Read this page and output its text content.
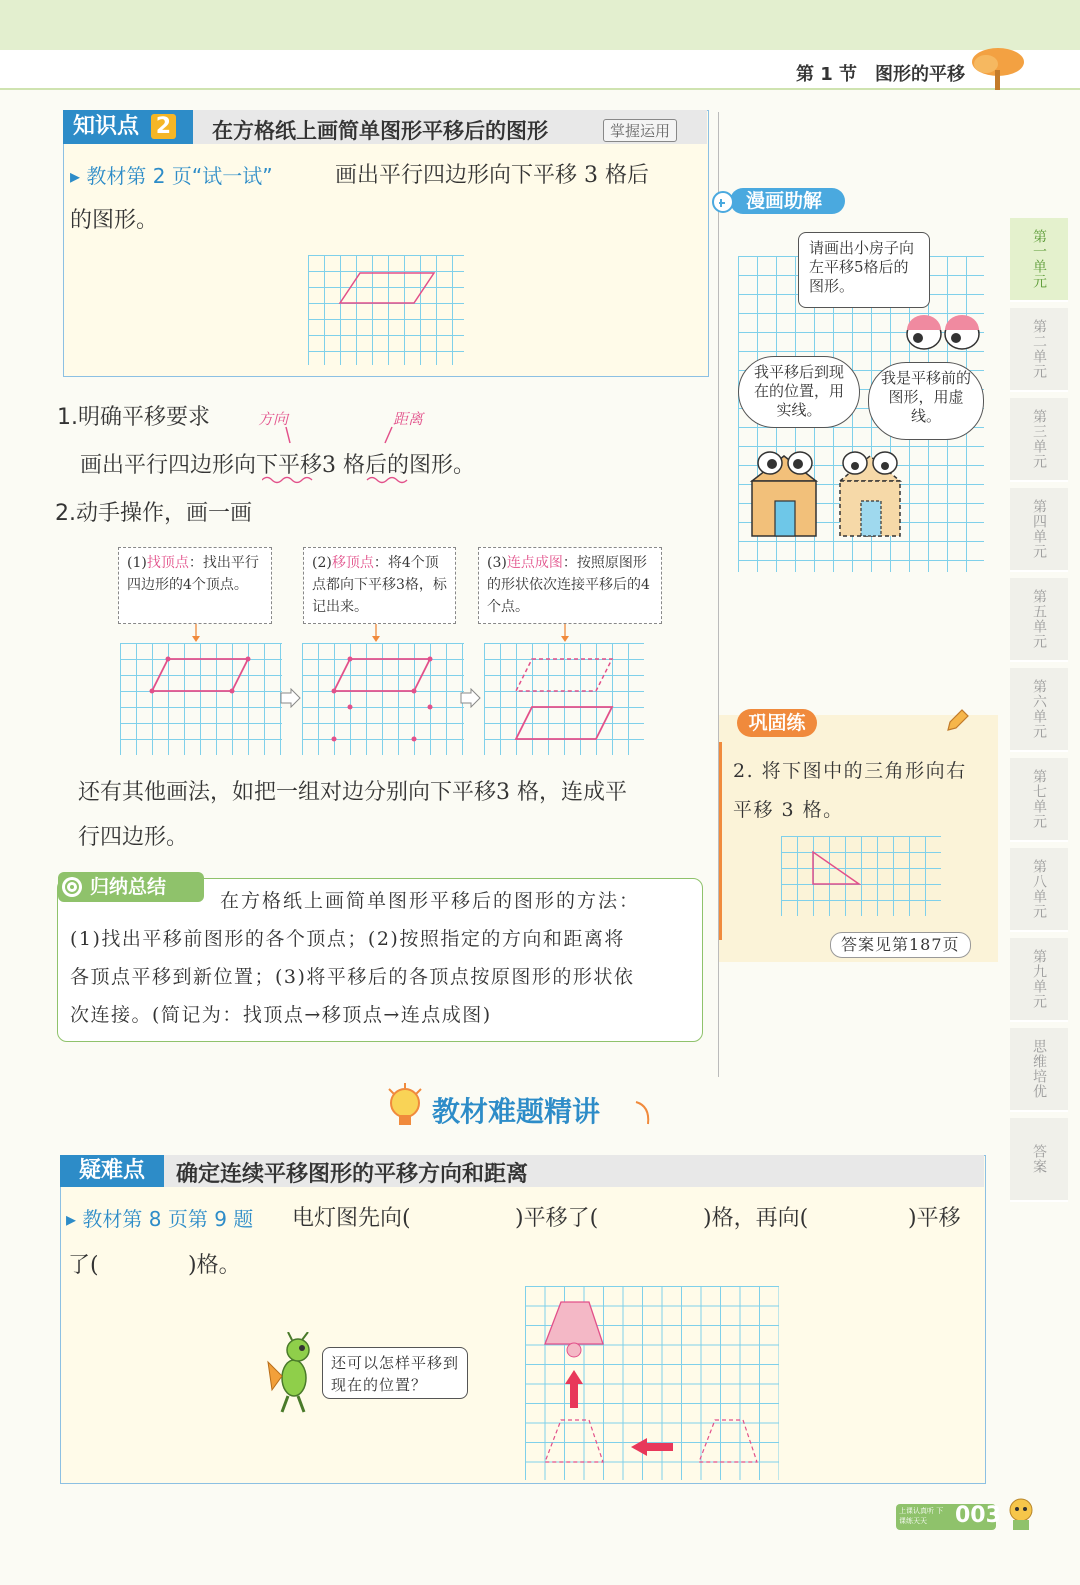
第 1 节　图形的平移
第一单元
第二单元
第三单元
第四单元
第五单元
第六单元
第七单元
第八单元
第九单元
思维培优
答案
知识点 2	在方格纸上画简单图形平移后的图形	掌握运用
▸ 教材第 2 页“试一试”	画出平行四边形向下平移 3 格后
的图形。
1.明确平移要求	方向	距离
画出平行四边形向下平移3 格后的图形。
2.动手操作，画一画
(1)找顶点：找出平行四边形的4个顶点。
(2)移顶点：将4个顶点都向下平移3格，标记出来。
(3)连点成图：按照原图形的形状依次连接平移后的4个点。
还有其他画法，如把一组对边分别向下平移3 格，连成平
行四边形。
归纳总结
在方格纸上画简单图形平移后的图形的方法：
(1)找出平移前图形的各个顶点；(2)按照指定的方向和距离将
各顶点平移到新位置；(3)将平移后的各顶点按原图形的形状依
次连接。(简记为：找顶点→移顶点→连点成图)
漫画助解
请画出小房子向左平移5格后的图形。
我平移后到现在的位置，用实线。
我是平移前的图形，用虚线。
巩固练
2. 将下图中的三角形向右
平移 3 格。
答案见第187页
教材难题精讲
疑难点	确定连续平移图形的平移方向和距离
▸ 教材第 8 页第 9 题 电灯图先向(	)平移了(	)格，再向(	)平移
了(	)格。
还可以怎样平移到现在的位置？
上课认真听 下课练天天	003
